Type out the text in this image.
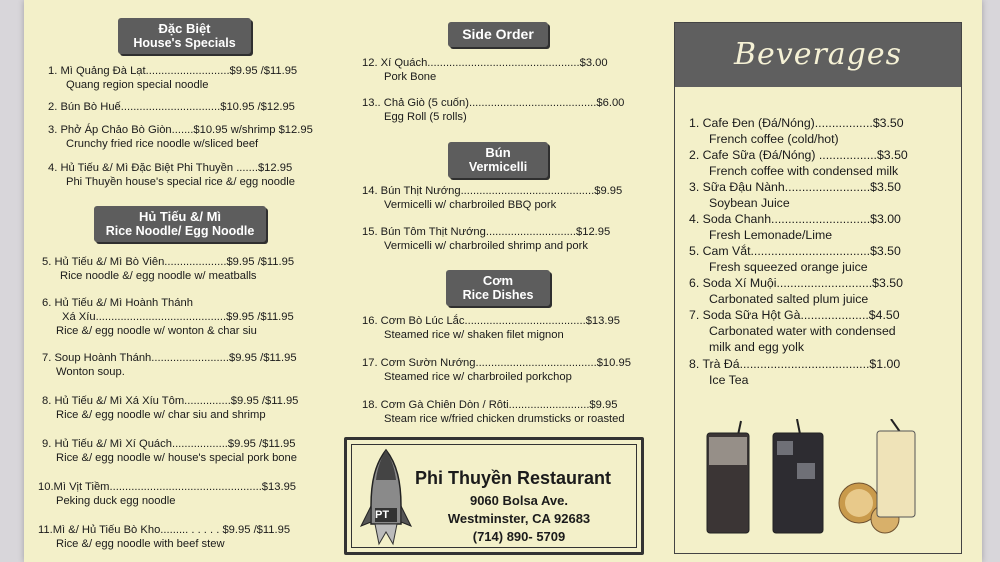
Đặc Biệt
House's Specials
1. Mì Quảng Đà Lạt...........................$9.95 /$11.95
Quang region special noodle
2. Bún Bò Huế................................$10.95 /$12.95
3. Phở Áp Chảo Bò Giòn.......$10.95 w/shrimp $12.95
Crunchy fried rice noodle w/sliced beef
4. Hủ Tiếu &/ Mì Đặc Biệt Phi Thuyền .......$12.95
Phi Thuyền house's special rice &/ egg noodle
Hủ Tiếu &/ Mì
Rice Noodle/ Egg Noodle
5. Hủ Tiếu &/ Mì Bò Viên....................$9.95 /$11.95
Rice noodle &/ egg noodle w/ meatballs
6. Hủ Tiếu &/ Mì Hoành Thánh
Xá Xíu..........................................$9.95 /$11.95
Rice &/ egg noodle w/ wonton & char siu
7. Soup Hoành Thánh.........................$9.95 /$11.95
Wonton soup.
8. Hủ Tiếu &/ Mì Xá Xíu Tôm...............$9.95 /$11.95
Rice &/ egg noodle w/ char siu and shrimp
9. Hủ Tiếu &/ Mì Xí Quách..................$9.95 /$11.95
Rice &/ egg noodle w/ house's special pork bone
10.Mì Vịt Tiềm.................................................$13.95
Peking duck egg noodle
11.Mì &/ Hủ Tiếu Bò Kho......... . . . . . $9.95 /$11.95
Rice &/ egg noodle with beef stew
Side Order
12. Xí Quách.................................................$3.00
Pork Bone
13.. Chả Giò (5 cuốn).........................................$6.00
Egg Roll (5 rolls)
Bún
Vermicelli
14. Bún Thịt Nướng...........................................$9.95
Vermicelli w/ charbroiled BBQ pork
15. Bún Tôm Thịt Nướng.............................$12.95
Vermicelli w/ charbroiled shrimp and pork
Cơm
Rice Dishes
16. Cơm Bò Lúc Lắc.......................................$13.95
Steamed rice w/ shaken filet mignon
17. Cơm Sườn Nướng.......................................$10.95
Steamed rice w/ charbroiled porkchop
18. Cơm Gà Chiên Dòn / Rôti..........................$9.95
Steam rice w/fried chicken drumsticks or roasted
PT
Phi Thuyền Restaurant
9060 Bolsa Ave.
Westminster, CA 92683
(714) 890- 5709
Beverages
1. Cafe Đen (Đá/Nóng).................$3.50
French coffee (cold/hot)
2. Cafe Sữa (Đá/Nóng) .................$3.50
French coffee with condensed milk
3. Sữa Đậu Nành.........................$3.50
Soybean Juice
4. Soda Chanh.............................$3.00
Fresh Lemonade/Lime
5. Cam Vắt...................................$3.50
Fresh squeezed orange juice
6. Soda Xí Muội............................$3.50
Carbonated salted plum juice
7. Soda Sữa Hột Gà....................$4.50
Carbonated water with condensed
milk and egg yolk
8. Trà Đá......................................$1.00
Ice Tea
